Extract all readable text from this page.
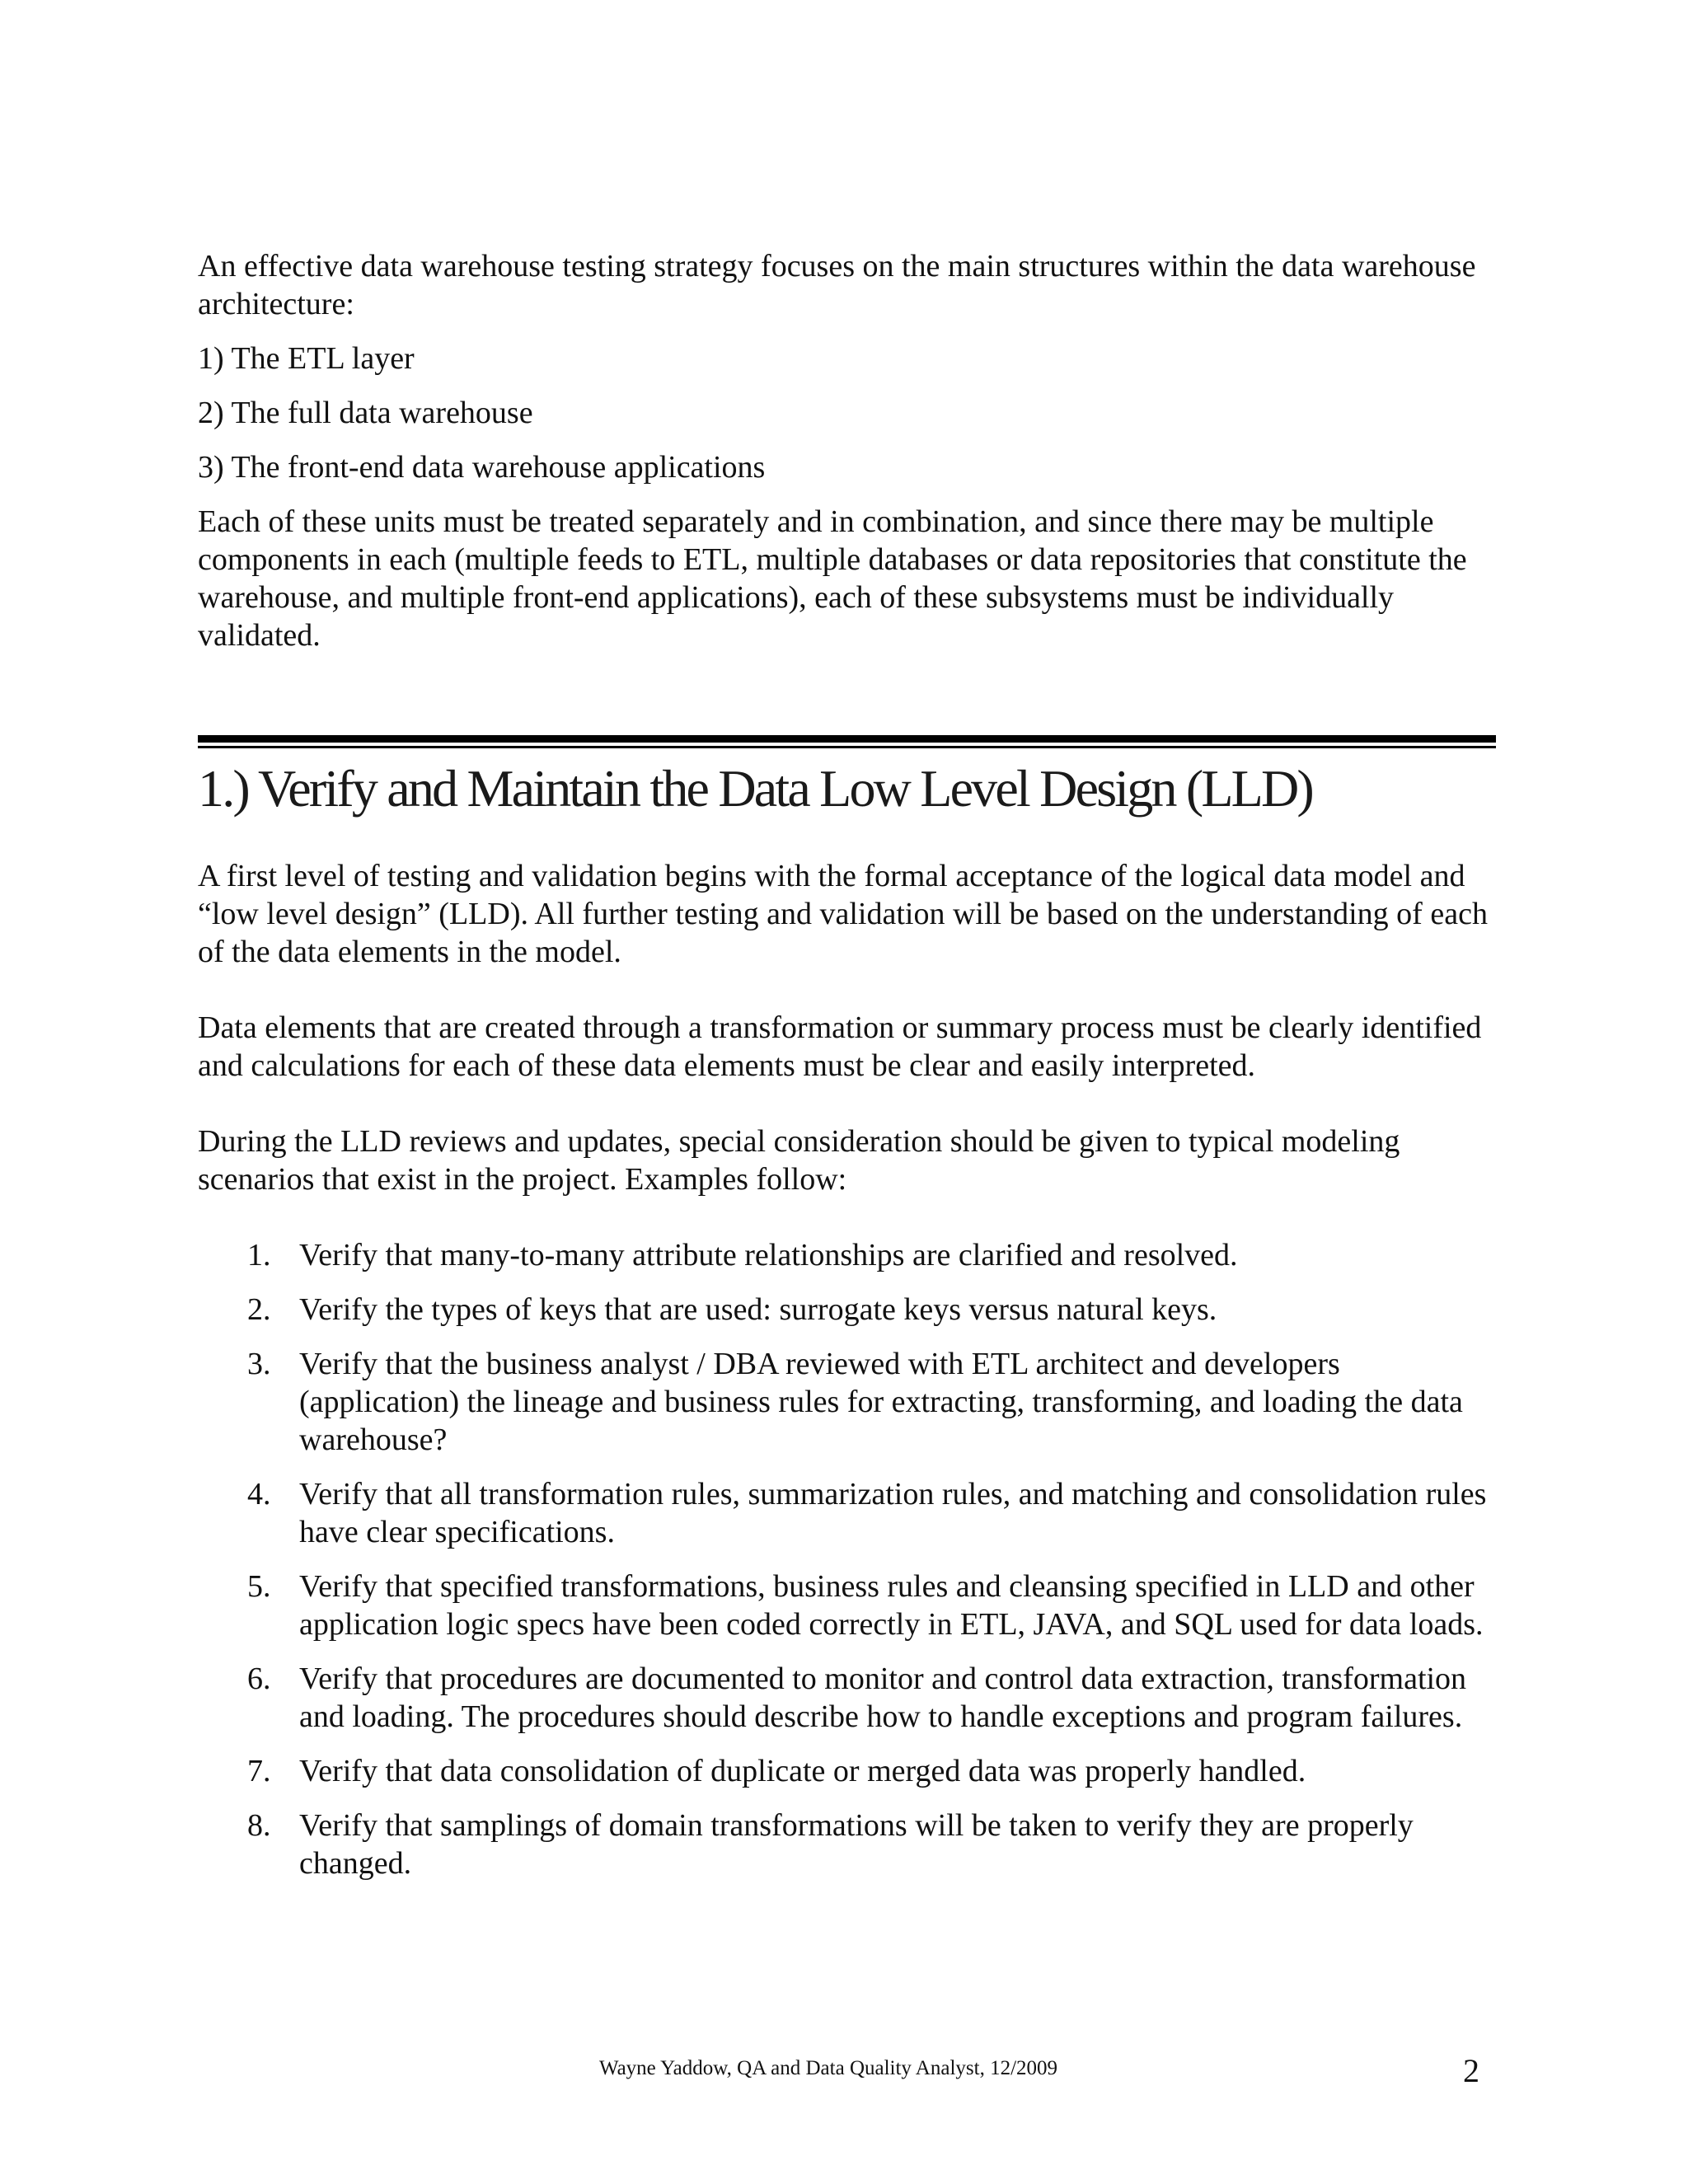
An effective data warehouse testing strategy focuses on the main structures within the data warehouse architecture:

1) The ETL layer

2) The full data warehouse

3) The front-end data warehouse applications

Each of these units must be treated separately and in combination, and since there may be multiple components in each (multiple feeds to ETL, multiple databases or data repositories that constitute the warehouse, and multiple front-end applications), each of these subsystems must be individually validated.

1.) Verify and Maintain the Data Low Level Design (LLD)

A first level of testing and validation begins with the formal acceptance of the logical data model and “low level design” (LLD). All further testing and validation will be based on the understanding of each of the data elements in the model.

Data elements that are created through a transformation or summary process must be clearly identified and calculations for each of these data elements must be clear and easily interpreted.

During the LLD reviews and updates, special consideration should be given to typical modeling scenarios that exist in the project. Examples follow:

1. Verify that many-to-many attribute relationships are clarified and resolved.
2. Verify the types of keys that are used: surrogate keys versus natural keys.
3. Verify that the business analyst / DBA reviewed with ETL architect and developers (application) the lineage and business rules for extracting, transforming, and loading the data warehouse?
4. Verify that all transformation rules, summarization rules, and matching and consolidation rules have clear specifications.
5. Verify that specified transformations, business rules and cleansing specified in LLD and other application logic specs have been coded correctly in ETL, JAVA, and SQL used for data loads.
6. Verify that procedures are documented to monitor and control data extraction, transformation and loading. The procedures should describe how to handle exceptions and program failures.
7. Verify that data consolidation of duplicate or merged data was properly handled.
8. Verify that samplings of domain transformations will be taken to verify they are properly changed.
Wayne Yaddow, QA and Data Quality Analyst, 12/2009	2
